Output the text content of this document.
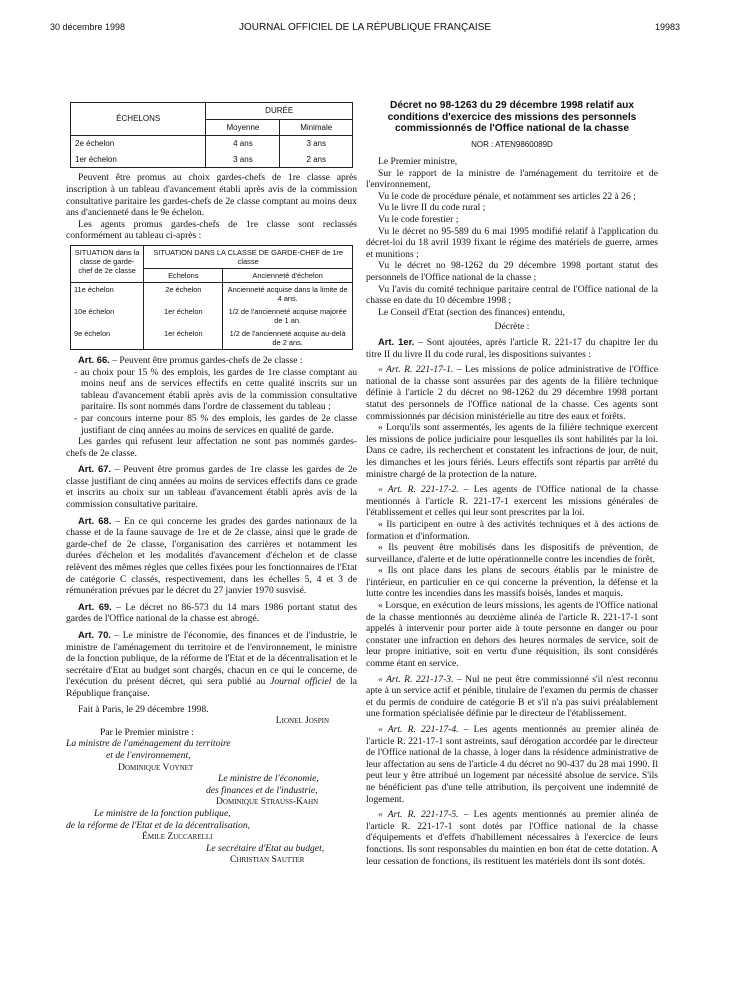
30 décembre 1998	JOURNAL OFFICIEL DE LA RÉPUBLIQUE FRANÇAISE	19983
ÉCHELONS	DURÉE	
	Moyenne	Minimale
2e échelon	4 ans	3 ans
1er échelon	3 ans	2 ans

Peuvent être promus au choix gardes-chefs de 1re classe après inscription à un tableau d'avancement établi après avis de la commission consultative paritaire les gardes-chefs de 2e classe comptant au moins deux ans d'ancienneté dans le 9e échelon.

Les agents promus gardes-chefs de 1re classe sont reclassés conformément au tableau ci-après :

SITUATION dans la classe de garde-chef de 2e classe	SITUATION DANS LA CLASSE DE GARDE-CHEF de 1re classe	
	Echelons	Ancienneté d'échelon
11e échelon	2e échelon	Ancienneté acquise dans la limite de 4 ans.
10e échelon	1er échelon	1/2 de l'ancienneté acquise majorée de 1 an.
9e échelon	1er échelon	1/2 de l'ancienneté acquise au-delà de 2 ans.

Art. 66. – Peuvent être promus gardes-chefs de 2e classe :

- au choix pour 15 % des emplois, les gardes de 1re classe comptant au moins neuf ans de services effectifs en cette qualité inscrits sur un tableau d'avancement établi après avis de la commission consultative paritaire. Ils sont nommés dans l'ordre de classement du tableau ;
- par concours interne pour 85 % des emplois, les gardes de 2e classe justifiant de cinq années au moins de services en qualité de garde.

Les gardes qui refusent leur affectation ne sont pas nommés gardes-chefs de 2e classe.

Art. 67. – Peuvent être promus gardes de 1re classe les gardes de 2e classe justifiant de cinq années au moins de services effectifs dans ce grade et inscrits au choix sur un tableau d'avancement établi après avis de la commission consultative paritaire.

Art. 68. – En ce qui concerne les grades des gardes nationaux de la chasse et de la faune sauvage de 1re et de 2e classe, ainsi que le grade de garde-chef de 2e classe, l'organisation des carrières et notamment les durées d'échelon et les modalités d'avancement d'échelon et de classe relèvent des mêmes règles que celles fixées pour les fonctionnaires de l'Etat de catégorie C classés, respectivement, dans les échelles 5, 4 et 3 de rémunération prévues par le décret du 27 janvier 1970 susvisé.

Art. 69. – Le décret no 86-573 du 14 mars 1986 portant statut des gardes de l'Office national de la chasse est abrogé.

Art. 70. – Le ministre de l'économie, des finances et de l'industrie, le ministre de l'aménagement du territoire et de l'environnement, le ministre de la fonction publique, de la réforme de l'Etat et de la décentralisation et le secrétaire d'Etat au budget sont chargés, chacun en ce qui le concerne, de l'exécution du présent décret, qui sera publié au Journal officiel de la République française.

Fait à Paris, le 29 décembre 1998.

Lionel Jospin
Par le Premier ministre :
La ministre de l'aménagement du territoire
et de l'environnement,
Dominique Voynet
Le ministre de l'économie,
des finances et de l'industrie,
Dominique Strauss-Kahn
Le ministre de la fonction publique,
de la réforme de l'Etat et de la décentralisation,
Émile Zuccarelli
Le secrétaire d'Etat au budget,
Christian Sautter
Décret no 98-1263 du 29 décembre 1998 relatif aux conditions d'exercice des missions des personnels commissionnés de l'Office national de la chasse
NOR : ATEN9860089D

Le Premier ministre,

Sur le rapport de la ministre de l'aménagement du territoire et de l'environnement,

Vu le code de procédure pénale, et notamment ses articles 22 à 26 ;

Vu le livre II du code rural ;

Vu le code forestier ;

Vu le décret no 95-589 du 6 mai 1995 modifié relatif à l'application du décret-loi du 18 avril 1939 fixant le régime des matériels de guerre, armes et munitions ;

Vu le décret no 98-1262 du 29 décembre 1998 portant statut des personnels de l'Office national de la chasse ;

Vu l'avis du comité technique paritaire central de l'Office national de la chasse en date du 10 décembre 1998 ;

Le Conseil d'Etat (section des finances) entendu,

Décrète :

Art. 1er. – Sont ajoutées, après l'article R. 221-17 du chapitre Ier du titre II du livre II du code rural, les dispositions suivantes :

« Art. R. 221-17-1. – Les missions de police administrative de l'Office national de la chasse sont assurées par des agents de la filière technique définie à l'article 2 du décret no 98-1262 du 29 décembre 1998 portant statut des personnels de l'Office national de la chasse. Ces agents sont commissionnés par décision ministérielle au titre des eaux et forêts.

« Lorqu'ils sont assermentés, les agents de la filière technique exercent les missions de police judiciaire pour lesquelles ils sont habilités par la loi. Dans ce cadre, ils recherchent et constatent les infractions de jour, de nuit, les dimanches et les jours fériés. Leurs effectifs sont répartis par arrêté du ministre chargé de la protection de la nature.

« Art. R. 221-17-2. – Les agents de l'Office national de la chasse mentionnés à l'article R. 221-17-1 exercent les missions générales de l'établissement et celles qui leur sont prescrites par la loi.

« Ils participent en outre à des activités techniques et à des actions de formation et d'information.

« Ils peuvent être mobilisés dans les dispositifs de prévention, de surveillance, d'alerte et de lutte opérationnelle contre les incendies de forêt.

« Ils ont place dans les plans de secours établis par le ministre de l'intérieur, en particulier en ce qui concerne la prévention, la défense et la lutte contre les incendies dans les massifs boisés, landes et maquis.

« Lorsque, en exécution de leurs missions, les agents de l'Office national de la chasse mentionnés au deuxième alinéa de l'article R. 221-17-1 sont appelés à intervenir pour porter aide à toute personne en danger ou pour constater une infraction en dehors des heures normales de service, soit de leur propre initiative, soit en vertu d'une réquisition, ils sont considérés comme étant en service.

« Art. R. 221-17-3. – Nul ne peut être commissionné s'il n'est reconnu apte à un service actif et pénible, titulaire de l'examen du permis de chasser et du permis de conduire de catégorie B et s'il n'a pas suivi préalablement une formation spécialisée définie par le directeur de l'établissement.

« Art. R. 221-17-4. – Les agents mentionnés au premier alinéa de l'article R. 221-17-1 sont astreints, sauf dérogation accordée par le directeur de l'Office national de la chasse, à loger dans la résidence administrative de leur affectation au sens de l'article 4 du décret no 90-437 du 28 mai 1990. Il peut leur y être attribué un logement par nécessité absolue de service. S'ils ne bénéficient pas d'une telle attribution, ils perçoivent une indemnité de logement.

« Art. R. 221-17-5. – Les agents mentionnés au premier alinéa de l'article R. 221-17-1 sont dotés par l'Office national de la chasse d'équipements et d'effets d'habillement nécessaires à l'exercice de leurs fonctions. Ils sont responsables du maintien en bon état de cette dotation. A leur cessation de fonctions, ils restituent les matériels dont ils sont dotés.
